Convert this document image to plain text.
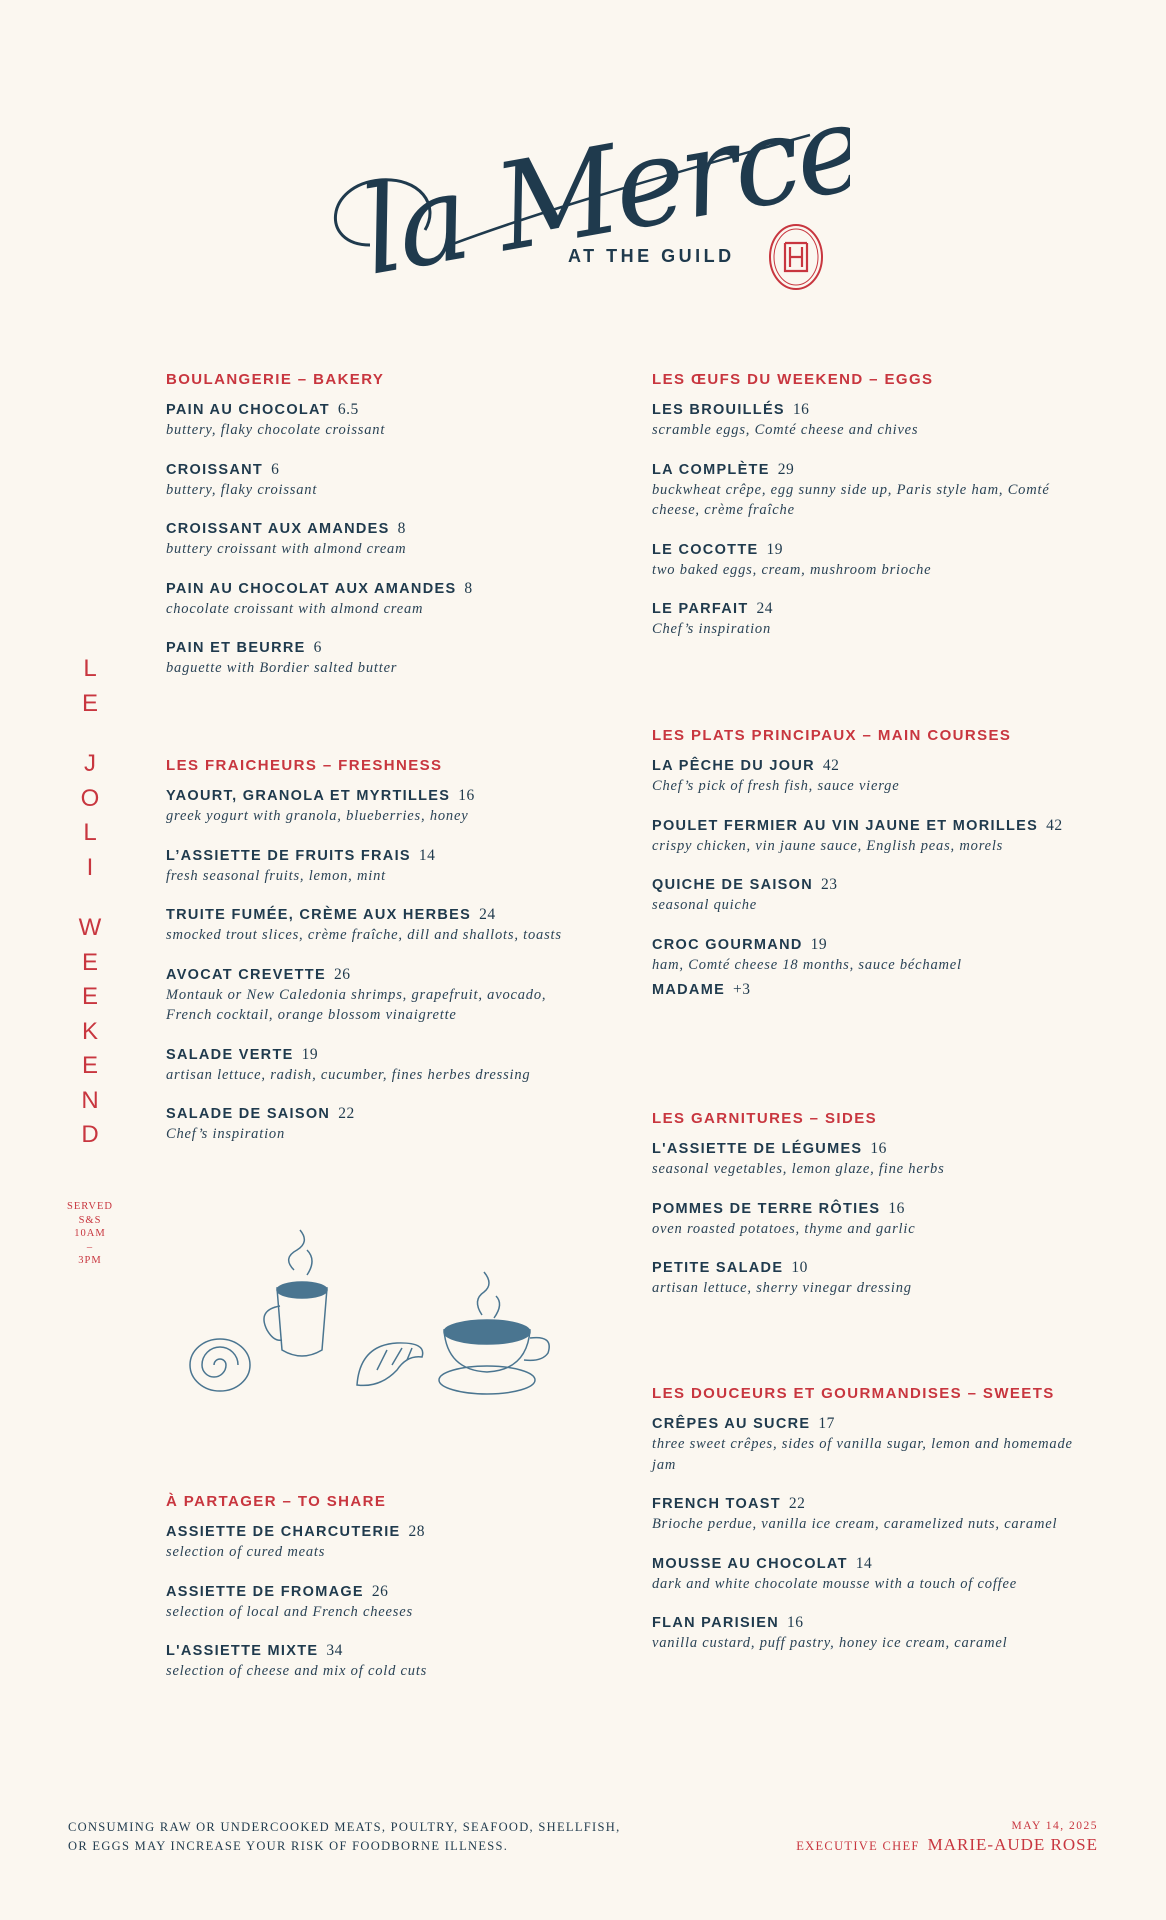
la Mercerie
AT THE GUILD
L
E
J
O
L
I
W
E
E
K
E
N
D
SERVED
S&S
10AM
–
3PM
BOULANGERIE – BAKERY
PAIN AU CHOCOLAT 6.5
buttery, flaky chocolate croissant
CROISSANT 6
buttery, flaky croissant
CROISSANT AUX AMANDES 8
buttery croissant with almond cream
PAIN AU CHOCOLAT AUX AMANDES 8
chocolate croissant with almond cream
PAIN ET BEURRE 6
baguette with Bordier salted butter
LES FRAICHEURS – FRESHNESS
YAOURT, GRANOLA ET MYRTILLES 16
greek yogurt with granola, blueberries, honey
L’ASSIETTE DE FRUITS FRAIS 14
fresh seasonal fruits, lemon, mint
TRUITE FUMÉE, CRÈME AUX HERBES 24
smocked trout slices, crème fraîche, dill and shallots, toasts
AVOCAT CREVETTE 26
Montauk or New Caledonia shrimps, grapefruit, avocado, French cocktail, orange blossom vinaigrette
SALADE VERTE 19
artisan lettuce, radish, cucumber, fines herbes dressing
SALADE DE SAISON 22
Chef’s inspiration
À PARTAGER – TO SHARE
ASSIETTE DE CHARCUTERIE 28
selection of cured meats
ASSIETTE DE FROMAGE 26
selection of local and French cheeses
L'ASSIETTE MIXTE 34
selection of cheese and mix of cold cuts
LES ŒUFS DU WEEKEND – EGGS
LES BROUILLÉS 16
scramble eggs, Comté cheese and chives
LA COMPLÈTE 29
buckwheat crêpe, egg sunny side up, Paris style ham, Comté cheese, crème fraîche
LE COCOTTE 19
two baked eggs, cream, mushroom brioche
LE PARFAIT 24
Chef’s inspiration
LES PLATS PRINCIPAUX – MAIN COURSES
LA PÊCHE DU JOUR 42
Chef’s pick of fresh fish, sauce vierge
POULET FERMIER AU VIN JAUNE ET MORILLES 42
crispy chicken, vin jaune sauce, English peas, morels
QUICHE DE SAISON 23
seasonal quiche
CROC GOURMAND 19
ham, Comté cheese 18 months, sauce béchamel
MADAME +3
LES GARNITURES – SIDES
L'ASSIETTE DE LÉGUMES 16
seasonal vegetables, lemon glaze, fine herbs
POMMES DE TERRE RÔTIES 16
oven roasted potatoes, thyme and garlic
PETITE SALADE 10
artisan lettuce, sherry vinegar dressing
LES DOUCEURS ET GOURMANDISES – SWEETS
CRÊPES AU SUCRE 17
three sweet crêpes, sides of vanilla sugar, lemon and homemade jam
FRENCH TOAST 22
Brioche perdue, vanilla ice cream, caramelized nuts, caramel
MOUSSE AU CHOCOLAT 14
dark and white chocolate mousse with a touch of coffee
FLAN PARISIEN 16
vanilla custard, puff pastry, honey ice cream, caramel
CONSUMING RAW OR UNDERCOOKED MEATS, POULTRY, SEAFOOD, SHELLFISH,
OR EGGS MAY INCREASE YOUR RISK OF FOODBORNE ILLNESS.
MAY 14, 2025
EXECUTIVE CHEF MARIE-AUDE ROSE
